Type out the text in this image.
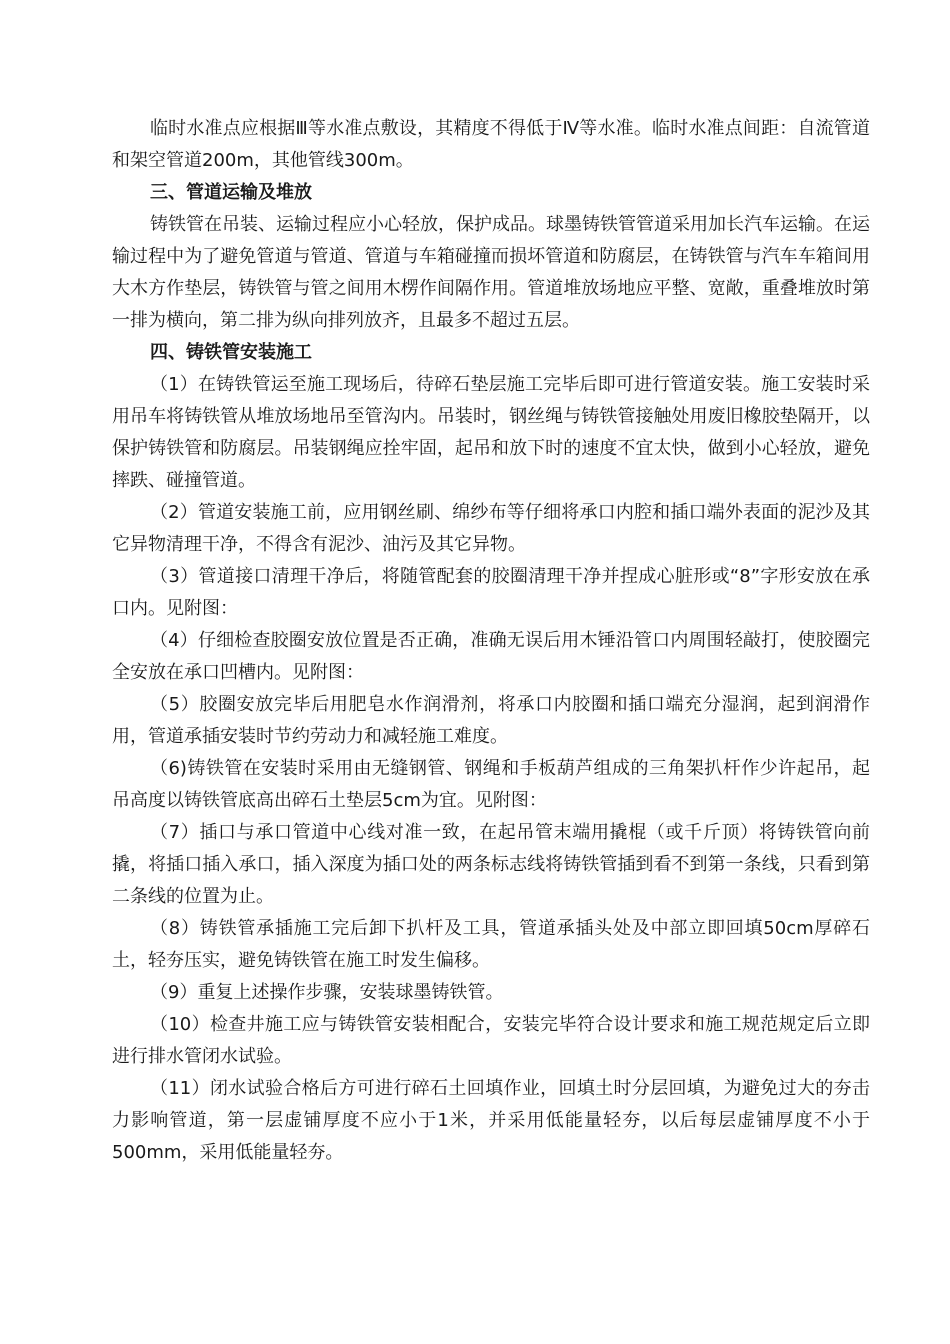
临时水准点应根据Ⅲ等水准点敷设，其精度不得低于Ⅳ等水准。临时水准点间距：自流管道和架空管道200m，其他管线300m。

三、管道运输及堆放

铸铁管在吊装、运输过程应小心轻放，保护成品。球墨铸铁管管道采用加长汽车运输。在运输过程中为了避免管道与管道、管道与车箱碰撞而损坏管道和防腐层，在铸铁管与汽车车箱间用大木方作垫层，铸铁管与管之间用木楞作间隔作用。管道堆放场地应平整、宽敞，重叠堆放时第一排为横向，第二排为纵向排列放齐，且最多不超过五层。

四、铸铁管安装施工

（1）在铸铁管运至施工现场后，待碎石垫层施工完毕后即可进行管道安装。施工安装时采用吊车将铸铁管从堆放场地吊至管沟内。吊装时，钢丝绳与铸铁管接触处用废旧橡胶垫隔开，以保护铸铁管和防腐层。吊装钢绳应拴牢固，起吊和放下时的速度不宜太快，做到小心轻放，避免摔跌、碰撞管道。

（2）管道安装施工前，应用钢丝刷、绵纱布等仔细将承口内腔和插口端外表面的泥沙及其它异物清理干净，不得含有泥沙、油污及其它异物。

（3）管道接口清理干净后，将随管配套的胶圈清理干净并捏成心脏形或“8”字形安放在承口内。见附图：

（4）仔细检查胶圈安放位置是否正确，准确无误后用木锤沿管口内周围轻敲打，使胶圈完全安放在承口凹槽内。见附图：

（5）胶圈安放完毕后用肥皂水作润滑剂，将承口内胶圈和插口端充分湿润，起到润滑作用，管道承插安装时节约劳动力和减轻施工难度。

（6)铸铁管在安装时采用由无缝钢管、钢绳和手板葫芦组成的三角架扒杆作少许起吊，起吊高度以铸铁管底高出碎石土垫层5cm为宜。见附图：

（7）插口与承口管道中心线对准一致，在起吊管末端用撬棍（或千斤顶）将铸铁管向前撬，将插口插入承口，插入深度为插口处的两条标志线将铸铁管插到看不到第一条线，只看到第二条线的位置为止。

（8）铸铁管承插施工完后卸下扒杆及工具，管道承插头处及中部立即回填50cm厚碎石土，轻夯压实，避免铸铁管在施工时发生偏移。

（9）重复上述操作步骤，安装球墨铸铁管。

（10）检查井施工应与铸铁管安装相配合，安装完毕符合设计要求和施工规范规定后立即进行排水管闭水试验。

（11）闭水试验合格后方可进行碎石土回填作业，回填土时分层回填，为避免过大的夯击力影响管道，第一层虚铺厚度不应小于1米，并采用低能量轻夯，以后每层虚铺厚度不小于500mm，采用低能量轻夯。
